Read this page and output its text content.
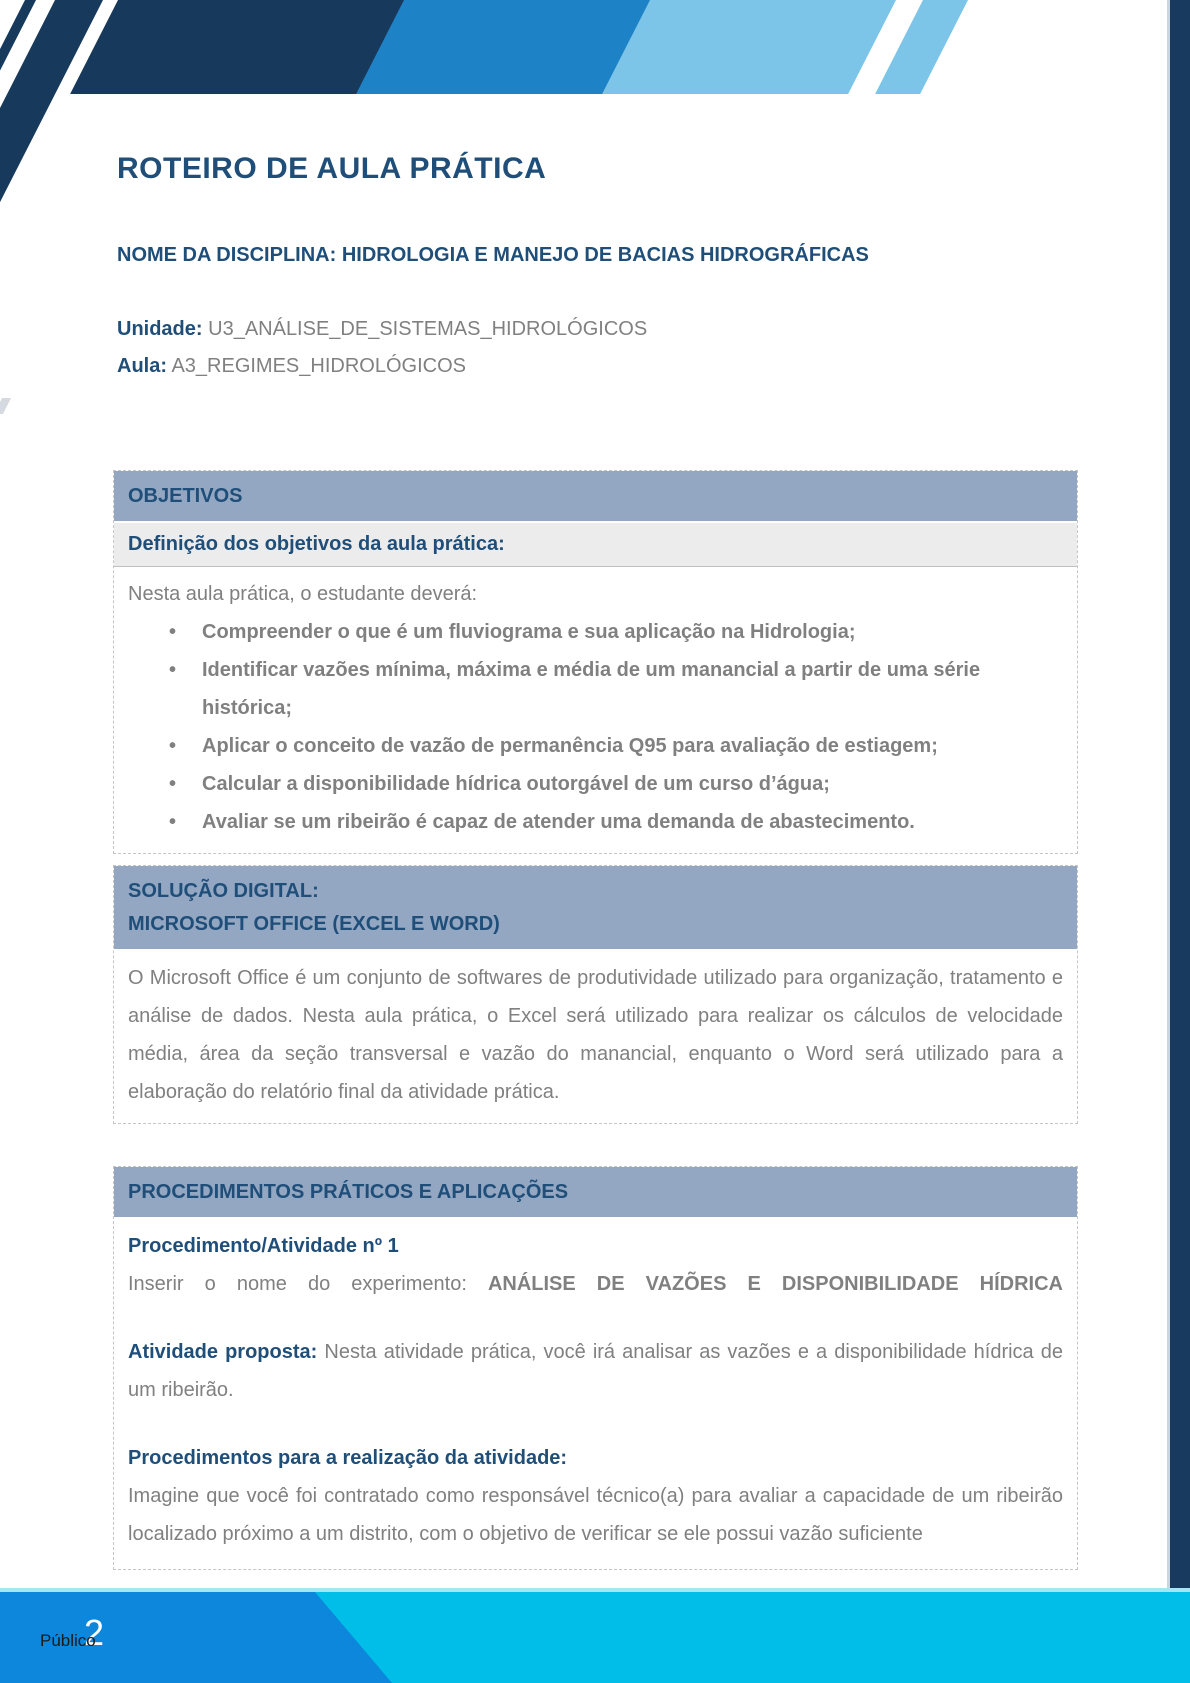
ROTEIRO DE AULA PRÁTICA
NOME DA DISCIPLINA: HIDROLOGIA E MANEJO DE BACIAS HIDROGRÁFICAS
Unidade: U3_ANÁLISE_DE_SISTEMAS_HIDROLÓGICOS
Aula: A3_REGIMES_HIDROLÓGICOS
OBJETIVOS
Definição dos objetivos da aula prática:

Nesta aula prática, o estudante deverá:

• Compreender o que é um fluviograma e sua aplicação na Hidrologia;
• Identificar vazões mínima, máxima e média de um manancial a partir de uma série histórica;
• Aplicar o conceito de vazão de permanência Q95 para avaliação de estiagem;
• Calcular a disponibilidade hídrica outorgável de um curso d’água;
• Avaliar se um ribeirão é capaz de atender uma demanda de abastecimento.
SOLUÇÃO DIGITAL:
MICROSOFT OFFICE (EXCEL E WORD)

O Microsoft Office é um conjunto de softwares de produtividade utilizado para organização, tratamento e análise de dados. Nesta aula prática, o Excel será utilizado para realizar os cálculos de velocidade média, área da seção transversal e vazão do manancial, enquanto o Word será utilizado para a elaboração do relatório final da atividade prática.

PROCEDIMENTOS PRÁTICOS E APLICAÇÕES

Procedimento/Atividade nº 1

Inserir o nome do experimento: ANÁLISE DE VAZÕES E DISPONIBILIDADE HÍDRICA

Atividade proposta: Nesta atividade prática, você irá analisar as vazões e a disponibilidade hídrica de um ribeirão.

Procedimentos para a realização da atividade:

Imagine que você foi contratado como responsável técnico(a) para avaliar a capacidade de um ribeirão localizado próximo a um distrito, com o objetivo de verificar se ele possui vazão suficiente

2
Público
